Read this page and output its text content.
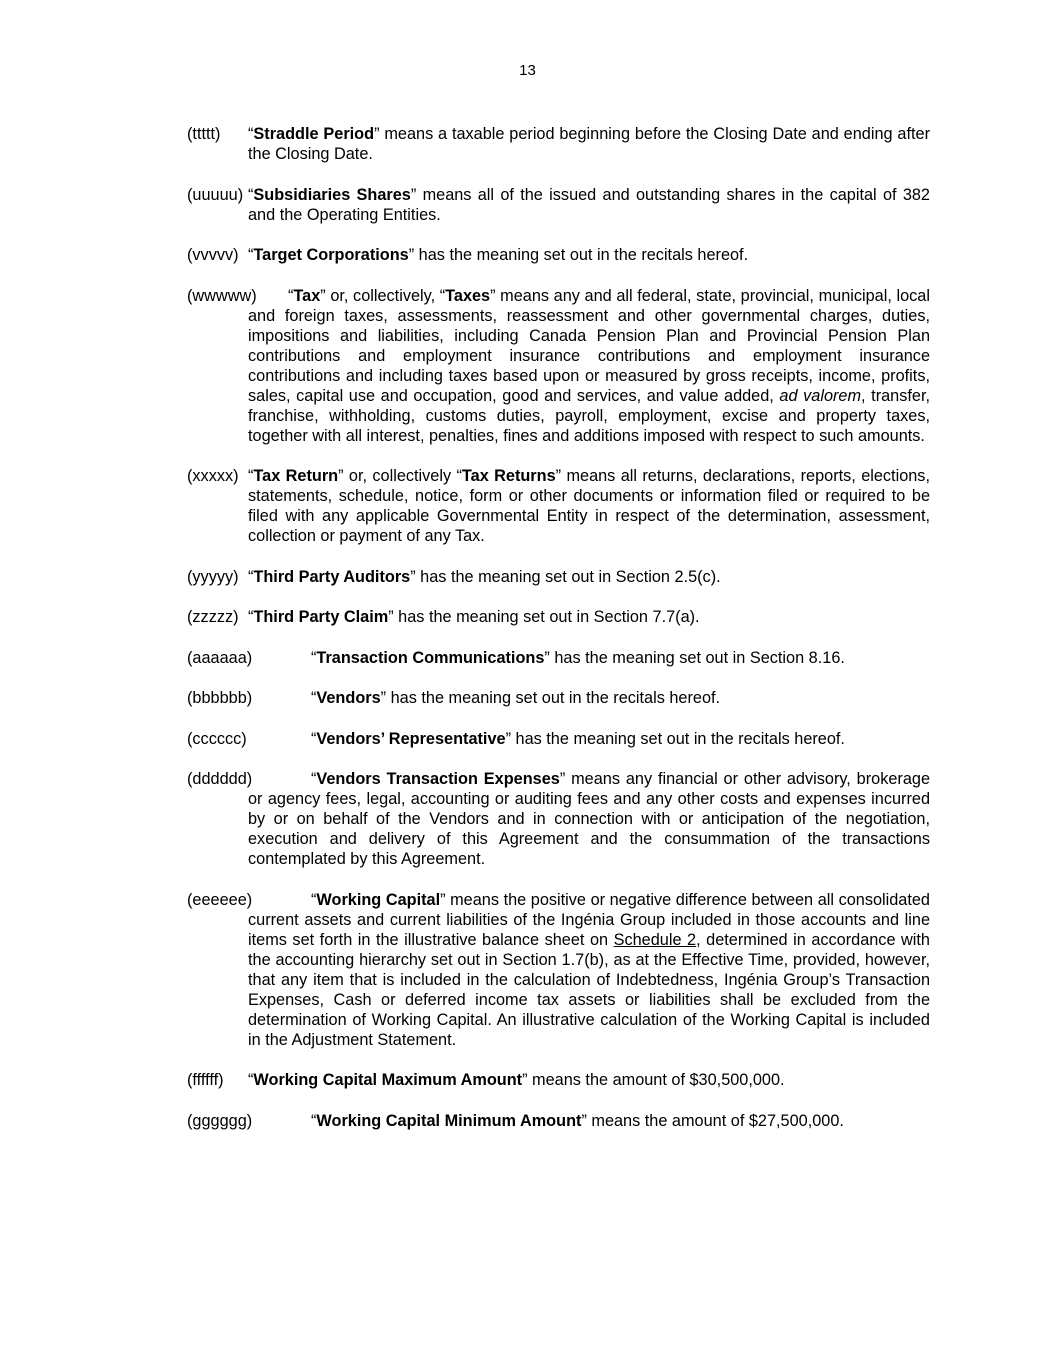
13
(ttttt) “Straddle Period” means a taxable period beginning before the Closing Date and ending after the Closing Date.
(uuuuu) “Subsidiaries Shares” means all of the issued and outstanding shares in the capital of 382 and the Operating Entities.
(vvvvv) “Target Corporations” has the meaning set out in the recitals hereof.
(wwwww) “Tax” or, collectively, “Taxes” means any and all federal, state, provincial, municipal, local and foreign taxes, assessments, reassessment and other governmental charges, duties, impositions and liabilities, including Canada Pension Plan and Provincial Pension Plan contributions and employment insurance contributions and employment insurance contributions and including taxes based upon or measured by gross receipts, income, profits, sales, capital use and occupation, good and services, and value added, ad valorem, transfer, franchise, withholding, customs duties, payroll, employment, excise and property taxes, together with all interest, penalties, fines and additions imposed with respect to such amounts.
(xxxxx) “Tax Return” or, collectively “Tax Returns” means all returns, declarations, reports, elections, statements, schedule, notice, form or other documents or information filed or required to be filed with any applicable Governmental Entity in respect of the determination, assessment, collection or payment of any Tax.
(yyyyy) “Third Party Auditors” has the meaning set out in Section 2.5(c).
(zzzzz) “Third Party Claim” has the meaning set out in Section 7.7(a).
(aaaaaa)	“Transaction Communications” has the meaning set out in Section 8.16.
(bbbbbb)	“Vendors” has the meaning set out in the recitals hereof.
(cccccc)	“Vendors’ Representative” has the meaning set out in the recitals hereof.
(dddddd)	“Vendors Transaction Expenses” means any financial or other advisory, brokerage or agency fees, legal, accounting or auditing fees and any other costs and expenses incurred by or on behalf of the Vendors and in connection with or anticipation of the negotiation, execution and delivery of this Agreement and the consummation of the transactions contemplated by this Agreement.
(eeeeee)	“Working Capital” means the positive or negative difference between all consolidated current assets and current liabilities of the Ingénia Group included in those accounts and line items set forth in the illustrative balance sheet on Schedule 2, determined in accordance with the accounting hierarchy set out in Section 1.7(b), as at the Effective Time, provided, however, that any item that is included in the calculation of Indebtedness, Ingénia Group’s Transaction Expenses, Cash or deferred income tax assets or liabilities shall be excluded from the determination of Working Capital. An illustrative calculation of the Working Capital is included in the Adjustment Statement.
(ffffff) “Working Capital Maximum Amount” means the amount of $30,500,000.
(gggggg)	“Working Capital Minimum Amount” means the amount of $27,500,000.
